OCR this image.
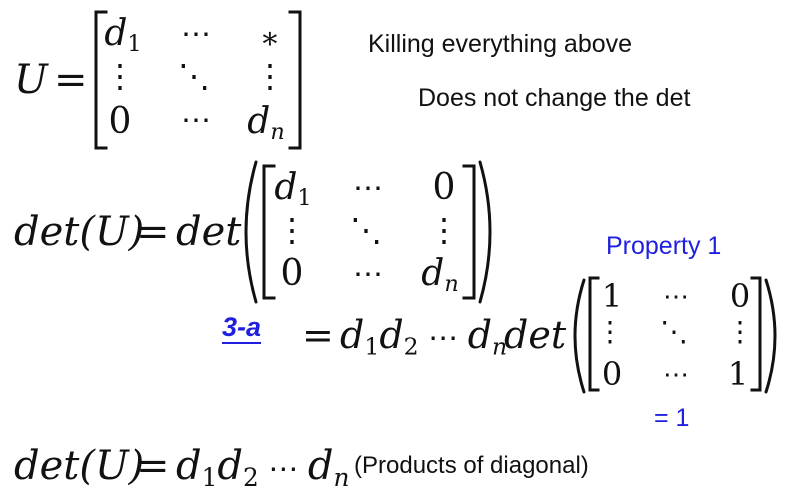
U =
$d_1$ ⋯ ∗
⋮ ⋱ ⋮
0 ⋯ $d_n$
Killing everything above
Does not change the det
det(U)
= det
$d_1$ ⋯ 0
⋮ ⋱ ⋮
0 ⋯ $d_n$
Property 1
$3-a = d_1d_2$ ⋯ $d_n$
det
1 ⋯ 0
⋮ ⋱ ⋮
0 ⋯ 1
= 1
det(U)
= $d_1d_2$ ⋯ $d_n$ (Products of diagonal)
